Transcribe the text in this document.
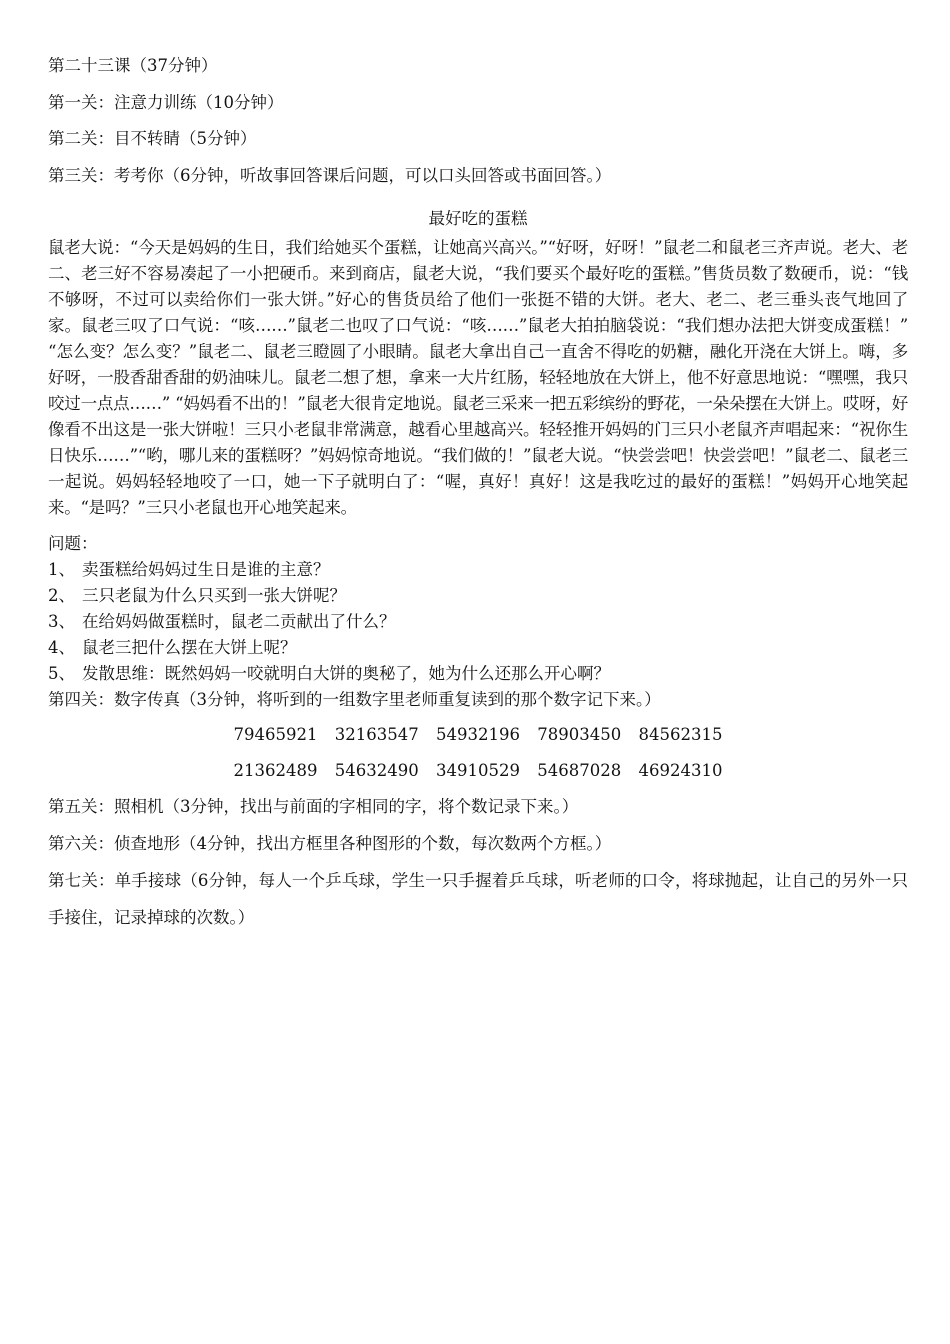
第二十三课（37分钟）
第一关：注意力训练（10分钟）
第二关：目不转睛（5分钟）
第三关：考考你（6分钟，听故事回答课后问题，可以口头回答或书面回答。）
最好吃的蛋糕

鼠老大说：“今天是妈妈的生日，我们给她买个蛋糕，让她高兴高兴。”“好呀，好呀！”鼠老二和鼠老三齐声说。老大、老二、老三好不容易凑起了一小把硬币。来到商店，鼠老大说，“我们要买个最好吃的蛋糕。”售货员数了数硬币，说：“钱不够呀，不过可以卖给你们一张大饼。”好心的售货员给了他们一张挺不错的大饼。老大、老二、老三垂头丧气地回了家。鼠老三叹了口气说：“咳……”鼠老二也叹了口气说：“咳……”鼠老大拍拍脑袋说：“我们想办法把大饼变成蛋糕！” “怎么变？怎么变？”鼠老二、鼠老三瞪圆了小眼睛。鼠老大拿出自己一直舍不得吃的奶糖，融化开浇在大饼上。嗨，多好呀，一股香甜香甜的奶油味儿。鼠老二想了想，拿来一大片红肠，轻轻地放在大饼上，他不好意思地说：“嘿嘿，我只咬过一点点……” “妈妈看不出的！”鼠老大很肯定地说。鼠老三采来一把五彩缤纷的野花，一朵朵摆在大饼上。哎呀，好像看不出这是一张大饼啦！三只小老鼠非常满意，越看心里越高兴。轻轻推开妈妈的门三只小老鼠齐声唱起来：“祝你生日快乐……”“哟，哪儿来的蛋糕呀？”妈妈惊奇地说。“我们做的！”鼠老大说。“快尝尝吧！快尝尝吧！”鼠老二、鼠老三一起说。妈妈轻轻地咬了一口，她一下子就明白了：“喔，真好！真好！这是我吃过的最好的蛋糕！”妈妈开心地笑起来。“是吗？”三只小老鼠也开心地笑起来。

问题：
1、 卖蛋糕给妈妈过生日是谁的主意？
2、 三只老鼠为什么只买到一张大饼呢？
3、 在给妈妈做蛋糕时，鼠老二贡献出了什么？
4、 鼠老三把什么摆在大饼上呢？
5、 发散思维：既然妈妈一咬就明白大饼的奥秘了，她为什么还那么开心啊？
第四关：数字传真（3分钟，将听到的一组数字里老师重复读到的那个数字记下来。）
79465921 32163547 54932196 78903450 84562315
21362489 54632490 34910529 54687028 46924310
第五关：照相机（3分钟，找出与前面的字相同的字，将个数记录下来。）
第六关：侦查地形（4分钟，找出方框里各种图形的个数，每次数两个方框。）

第七关：单手接球（6分钟，每人一个乒乓球，学生一只手握着乒乓球，听老师的口令，将球抛起，让自己的另外一只手接住，记录掉球的次数。）
